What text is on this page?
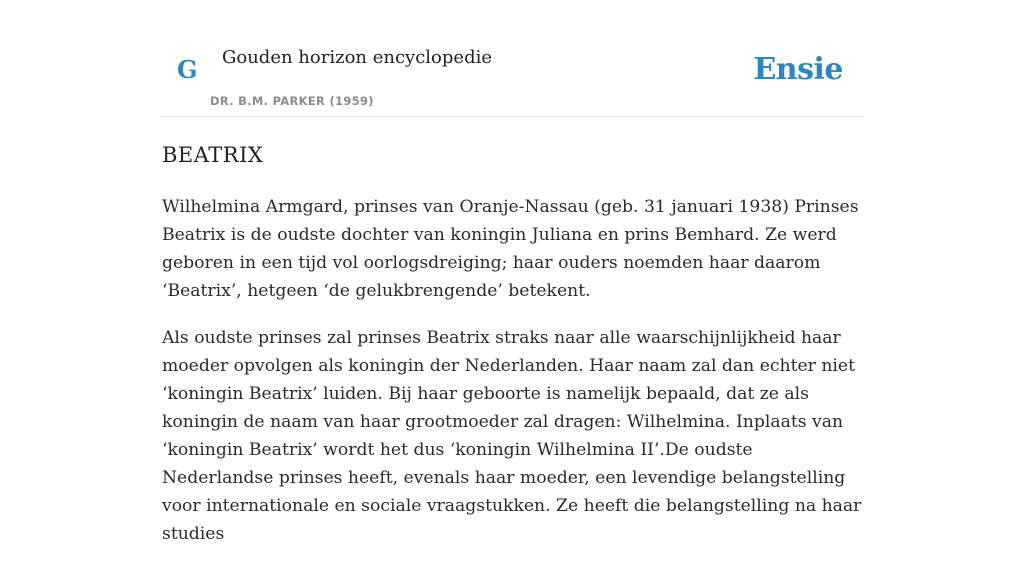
G Gouden horizon encyclopedie
DR. B.M. PARKER (1959)
Ensie
BEATRIX

Wilhelmina Armgard, prinses van Oranje-Nassau (geb. 31 januari 1938) Prinses Beatrix is de oudste dochter van koningin Juliana en prins Bemhard. Ze werd geboren in een tijd vol oorlogsdreiging; haar ouders noemden haar daarom ‘Beatrix’, hetgeen ‘de gelukbrengende’ betekent.

Als oudste prinses zal prinses Beatrix straks naar alle waarschijnlijkheid haar moeder opvolgen als koningin der Nederlanden. Haar naam zal dan echter niet ‘koningin Beatrix’ luiden. Bij haar geboorte is namelijk bepaald, dat ze als koningin de naam van haar grootmoeder zal dragen: Wilhelmina. Inplaats van ‘koningin Beatrix’ wordt het dus ‘koningin Wilhelmina II’.De oudste Nederlandse prinses heeft, evenals haar moeder, een levendige belangstelling voor internationale en sociale vraagstukken. Ze heeft die belangstelling na haar studies
